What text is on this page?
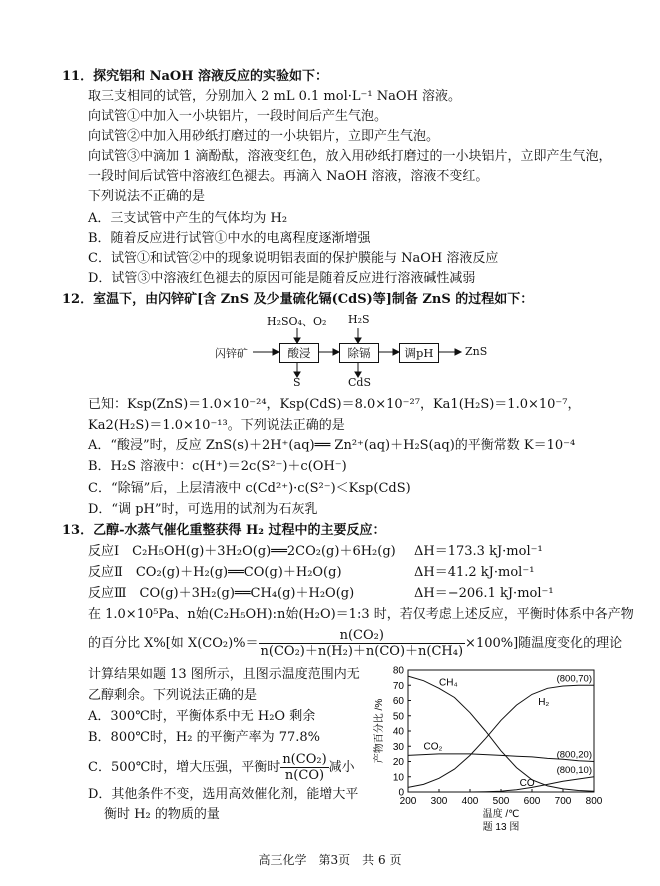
11．探究铝和 NaOH 溶液反应的实验如下：
取三支相同的试管，分别加入 2 mL 0.1 mol·L⁻¹ NaOH 溶液。
向试管①中加入一小块铝片，一段时间后产生气泡。
向试管②中加入用砂纸打磨过的一小块铝片，立即产生气泡。
向试管③中滴加 1 滴酚酞，溶液变红色，放入用砂纸打磨过的一小块铝片，立即产生气泡，
一段时间后试管中溶液红色褪去。再滴入 NaOH 溶液，溶液不变红。
下列说法不正确的是
A．三支试管中产生的气体均为 H₂
B．随着反应进行试管①中水的电离程度逐渐增强
C．试管①和试管②中的现象说明铝表面的保护膜能与 NaOH 溶液反应
D．试管③中溶液红色褪去的原因可能是随着反应进行溶液碱性减弱
12．室温下，由闪锌矿[含 ZnS 及少量硫化镉(CdS)等]制备 ZnS 的过程如下：
闪锌矿	酸浸	除镉	调pH	ZnS
H₂SO₄、O₂ H₂S
S	CdS
已知：Ksp(ZnS)＝1.0×10⁻²⁴，Ksp(CdS)＝8.0×10⁻²⁷，Ka1(H₂S)＝1.0×10⁻⁷，
Ka2(H₂S)＝1.0×10⁻¹³。下列说法正确的是
A．“酸浸”时，反应 ZnS(s)＋2H⁺(aq)══ Zn²⁺(aq)＋H₂S(aq)的平衡常数 K＝10⁻⁴
B．H₂S 溶液中：c(H⁺)＝2c(S²⁻)＋c(OH⁻)
C．“除镉”后，上层清液中 c(Cd²⁺)·c(S²⁻)＜Ksp(CdS)
D．“调 pH”时，可选用的试剂为石灰乳
13．乙醇-水蒸气催化重整获得 H₂ 过程中的主要反应：
反应Ⅰ　C₂H₅OH(g)＋3H₂O(g)══2CO₂(g)＋6H₂(g) ΔH＝173.3 kJ·mol⁻¹
反应Ⅱ　CO₂(g)＋H₂(g)══CO(g)＋H₂O(g)	ΔH＝41.2 kJ·mol⁻¹
反应Ⅲ　CO(g)＋3H₂(g)══CH₄(g)＋H₂O(g)	ΔH＝−206.1 kJ·mol⁻¹
在 1.0×10⁵Pa、n始(C₂H₅OH):n始(H₂O)＝1:3 时，若仅考虑上述反应，平衡时体系中各产物
的百分比 X%[如 $X(CO_2)\%= \frac{\text{n(CO₂)}}{\text{n(CO₂)＋n(H₂)＋n(CO)＋n(CH₄)}} \times 100\%$]随温度变化的理论
计算结果如题 13 图所示，且图示温度范围内无
乙醇剩余。下列说法正确的是
A．300℃时，平衡体系中无 H₂O 剩余
B．800℃时，H₂ 的平衡产率为 77.8%
C．500℃时，增大压强，平衡时 $\frac{\text{n(CO₂)}}{n(CO)}$ 减小
D．其他条件不变，选用高效催化剂，能增大平
衡时 H₂ 的物质的量
0
10
20
30
40
50
60
70
80
200 300 400 500 600 700 800
温度 /℃
产物百分比 /%
题 13 图
CH₄
H₂
CO₂
CO
(800,70)
(800,20)
(800,10)
高三化学　第3页　共 6 页
